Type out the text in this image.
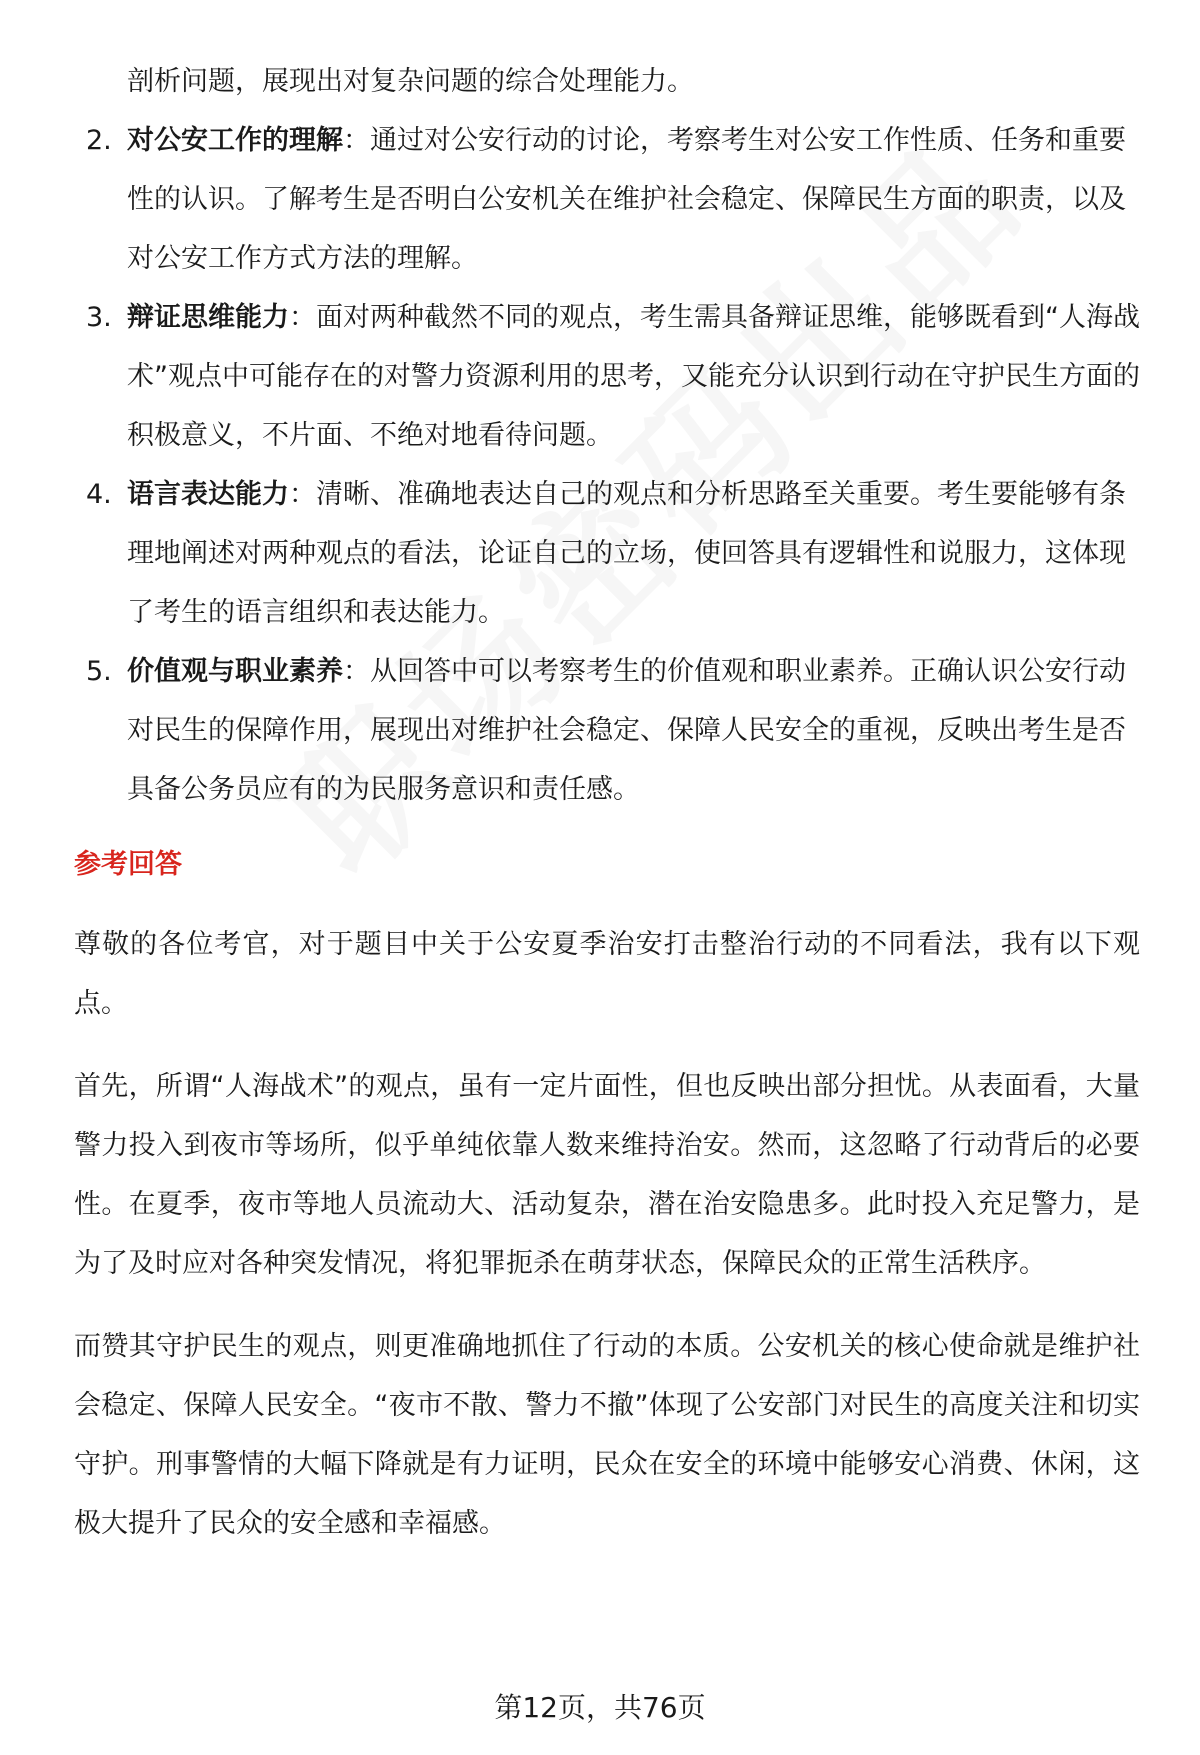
剖析问题，展现出对复杂问题的综合处理能力。

2. 对公安工作的理解：通过对公安行动的讨论，考察考生对公安工作性质、任务和重要性的认识。了解考生是否明白公安机关在维护社会稳定、保障民生方面的职责，以及对公安工作方式方法的理解。
3. 辩证思维能力：面对两种截然不同的观点，考生需具备辩证思维，能够既看到“人海战术”观点中可能存在的对警力资源利用的思考，又能充分认识到行动在守护民生方面的积极意义，不片面、不绝对地看待问题。
4. 语言表达能力：清晰、准确地表达自己的观点和分析思路至关重要。考生要能够有条理地阐述对两种观点的看法，论证自己的立场，使回答具有逻辑性和说服力，这体现了考生的语言组织和表达能力。
5. 价值观与职业素养：从回答中可以考察考生的价值观和职业素养。正确认识公安行动对民生的保障作用，展现出对维护社会稳定、保障人民安全的重视，反映出考生是否具备公务员应有的为民服务意识和责任感。
参考回答

尊敬的各位考官，对于题目中关于公安夏季治安打击整治行动的不同看法，我有以下观点。

首先，所谓“人海战术”的观点，虽有一定片面性，但也反映出部分担忧。从表面看，大量警力投入到夜市等场所，似乎单纯依靠人数来维持治安。然而，这忽略了行动背后的必要性。在夏季，夜市等地人员流动大、活动复杂，潜在治安隐患多。此时投入充足警力，是为了及时应对各种突发情况，将犯罪扼杀在萌芽状态，保障民众的正常生活秩序。

而赞其守护民生的观点，则更准确地抓住了行动的本质。公安机关的核心使命就是维护社会稳定、保障人民安全。“夜市不散、警力不撤”体现了公安部门对民生的高度关注和切实守护。刑事警情的大幅下降就是有力证明，民众在安全的环境中能够安心消费、休闲，这极大提升了民众的安全感和幸福感。

第12页，共76页
